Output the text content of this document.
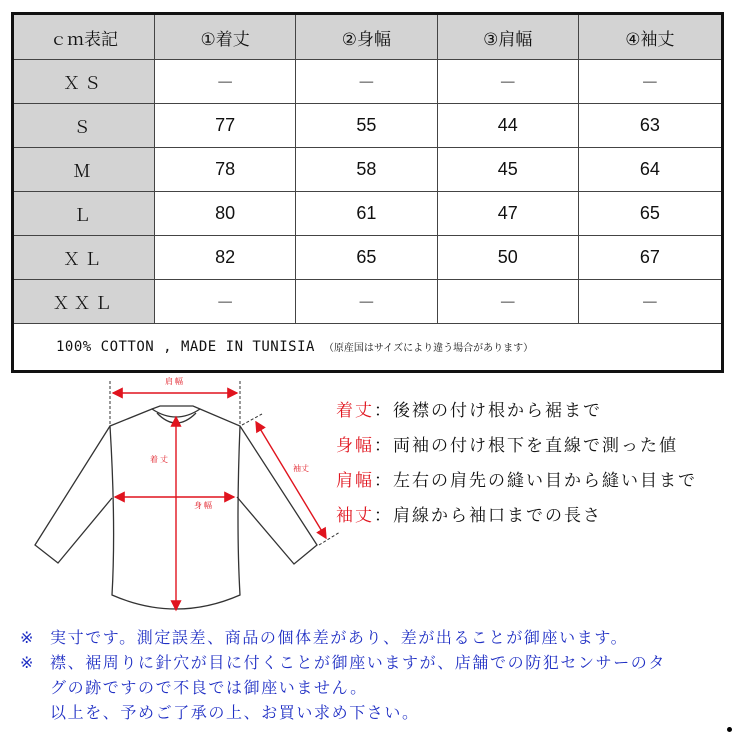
ｃｍ表記	①着丈	②身幅	③肩幅	④袖丈
ＸＳ	－	－	－	－
Ｓ	77	55	44	63
Ｍ	78	58	45	64
Ｌ	80	61	47	65
ＸＬ	82	65	50	67
ＸＸＬ	－	－	－	－
100% COTTON , MADE IN TUNISIA （原産国はサイズにより違う場合があります）				
肩幅
着丈
身幅
袖丈
着丈：後襟の付け根から裾まで
身幅：両袖の付け根下を直線で測った値
肩幅：左右の肩先の縫い目から縫い目まで
袖丈：肩線から袖口までの長さ
※ 実寸です。測定誤差、商品の個体差があり、差が出ることが御座います。
※ 襟、裾周りに針穴が目に付くことが御座いますが、店舗での防犯センサーのタ
グの跡ですので不良では御座いません。
以上を、予めご了承の上、お買い求め下さい。
